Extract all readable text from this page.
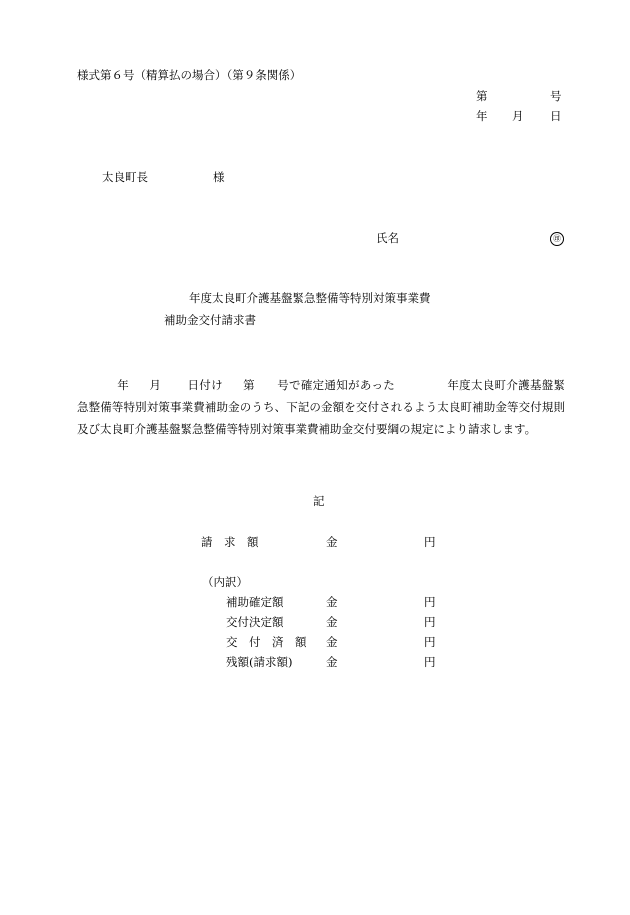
様式第６号（精算払の場合）（第９条関係）
第	号
年 月 日
太良町長	様
氏名	㊞
年度太良町介護基盤緊急整備等特別対策事業費
補助金交付請求書
年 月 日付け 第 号で確定通知があった	年度太良町介護基盤緊急整備等特別対策事業費補助金のうち、下記の金額を交付されるよう太良町補助金等交付規則及び太良町介護基盤緊急整備等特別対策事業費補助金交付要綱の規定により請求します。
記
請　求　額	金	円
（内訳）
補助確定額	金	円
交付決定額	金	円
交　付　済　額 金	円
残額(請求額)	金	円
